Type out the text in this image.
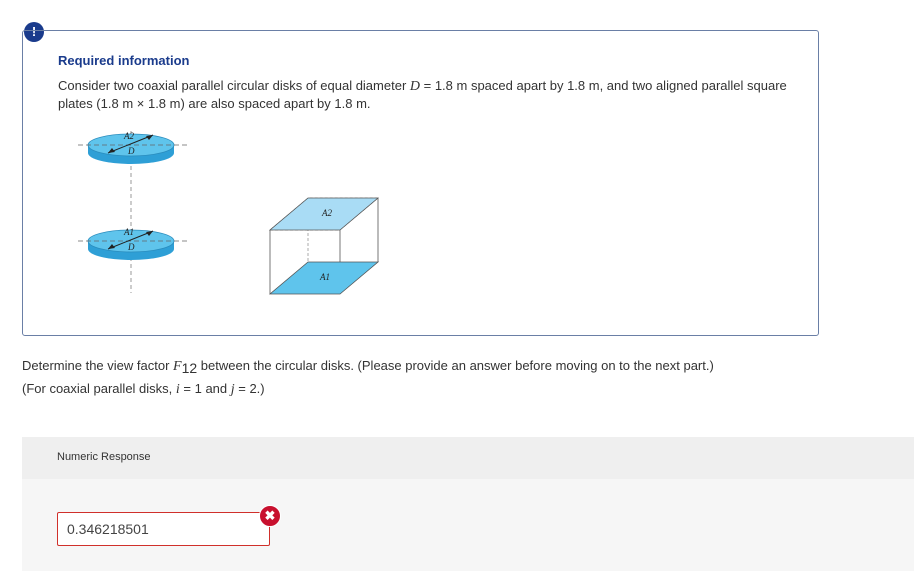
!
Required information
Consider two coaxial parallel circular disks of equal diameter D = 1.8 m spaced apart by 1.8 m, and two aligned parallel square plates (1.8 m × 1.8 m) are also spaced apart by 1.8 m.
A2
D
A1
D
A2
A1
Determine the view factor F12 between the circular disks. (Please provide an answer before moving on to the next part.)
(For coaxial parallel disks, i = 1 and j = 2.)
Numeric Response
0.346218501
✖
